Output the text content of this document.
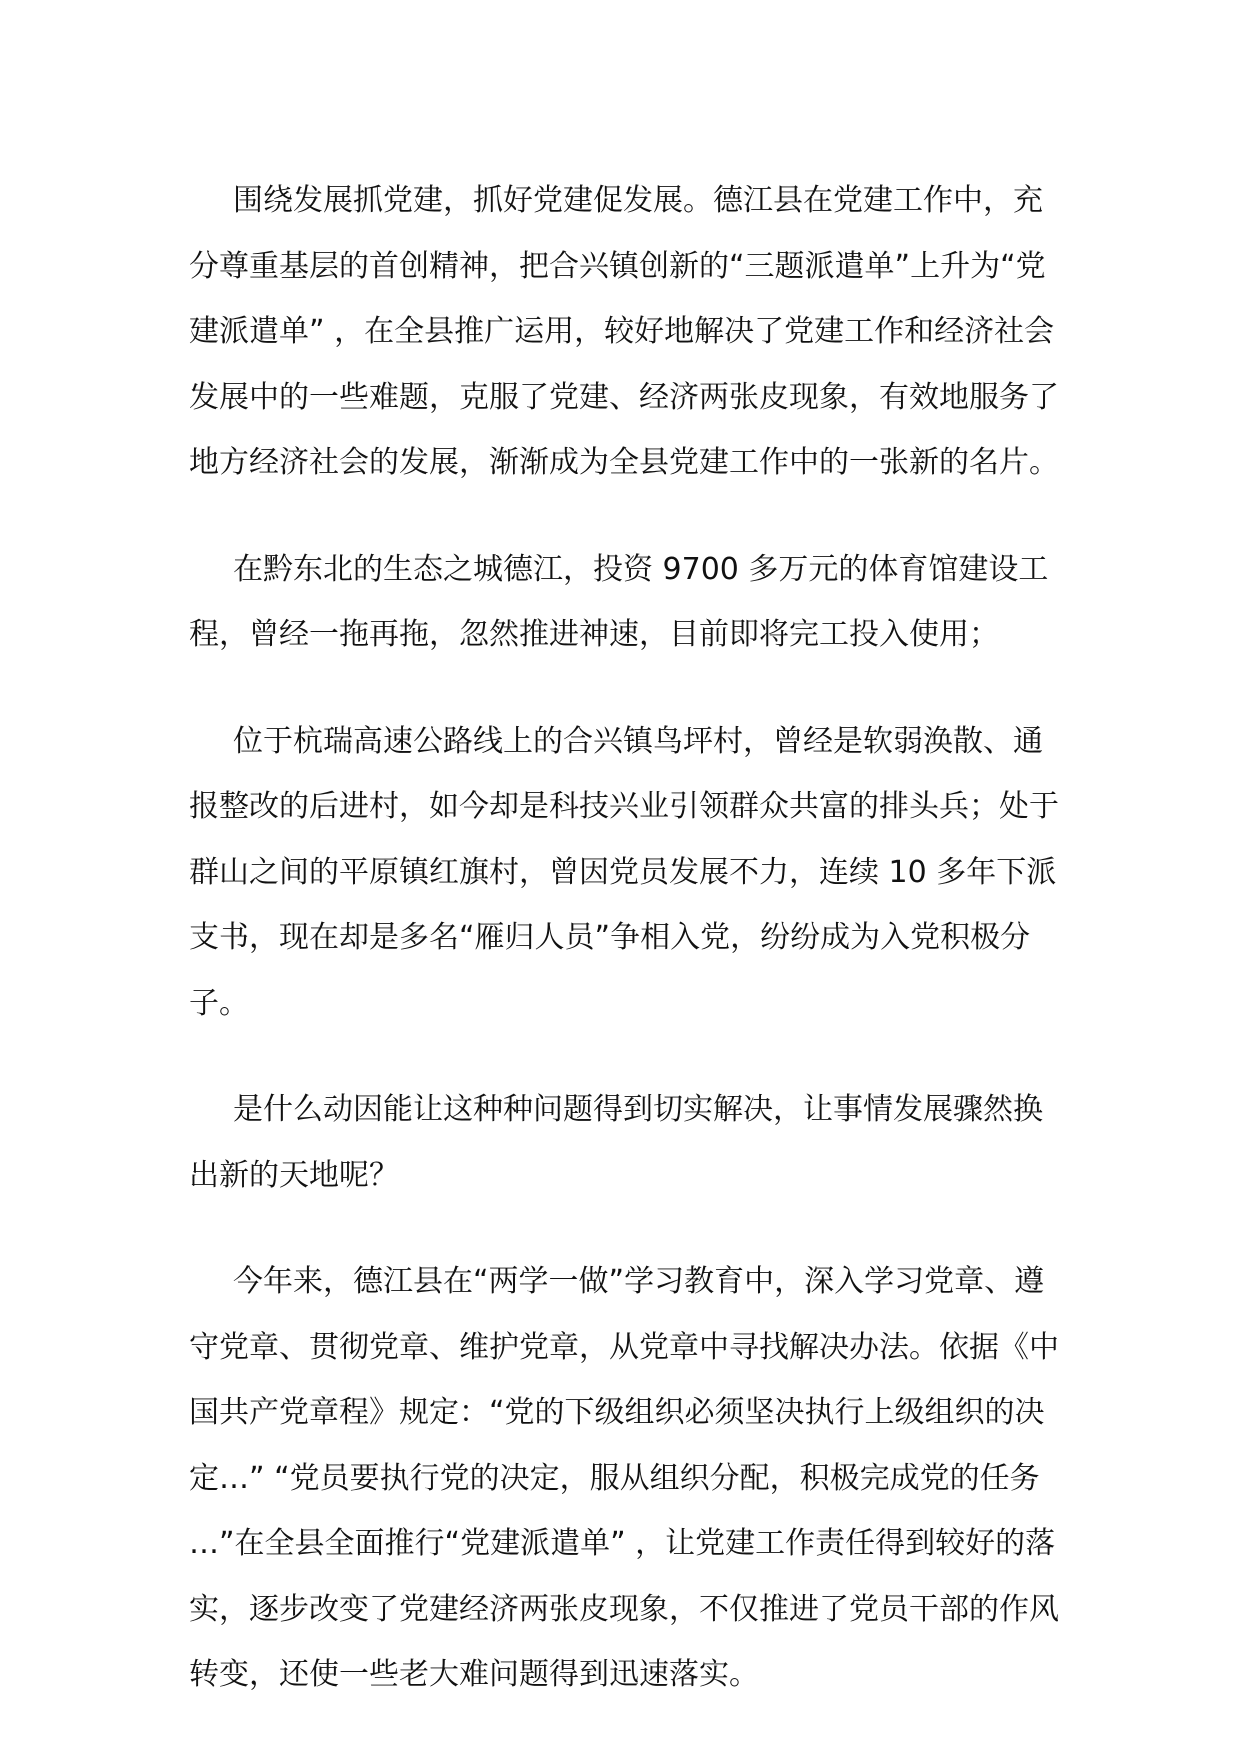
围绕发展抓党建，抓好党建促发展。德江县在党建工作中，充分尊重基层的首创精神，把合兴镇创新的“三题派遣单”上升为“党建派遣单” ，在全县推广运用，较好地解决了党建工作和经济社会发展中的一些难题，克服了党建、经济两张皮现象，有效地服务了地方经济社会的发展，渐渐成为全县党建工作中的一张新的名片。

在黔东北的生态之城德江，投资 9700 多万元的体育馆建设工程，曾经一拖再拖，忽然推进神速，目前即将完工投入使用；

位于杭瑞高速公路线上的合兴镇鸟坪村，曾经是软弱涣散、通报整改的后进村，如今却是科技兴业引领群众共富的排头兵；处于群山之间的平原镇红旗村，曾因党员发展不力，连续 10 多年下派支书，现在却是多名“雁归人员”争相入党，纷纷成为入党积极分子。

是什么动因能让这种种问题得到切实解决，让事情发展骤然换出新的天地呢？

今年来，德江县在“两学一做”学习教育中，深入学习党章、遵守党章、贯彻党章、维护党章，从党章中寻找解决办法。依据《中国共产党章程》规定：“党的下级组织必须坚决执行上级组织的决定…” “党员要执行党的决定，服从组织分配，积极完成党的任务…”在全县全面推行“党建派遣单” ，让党建工作责任得到较好的落实，逐步改变了党建经济两张皮现象，不仅推进了党员干部的作风转变，还使一些老大难问题得到迅速落实。
